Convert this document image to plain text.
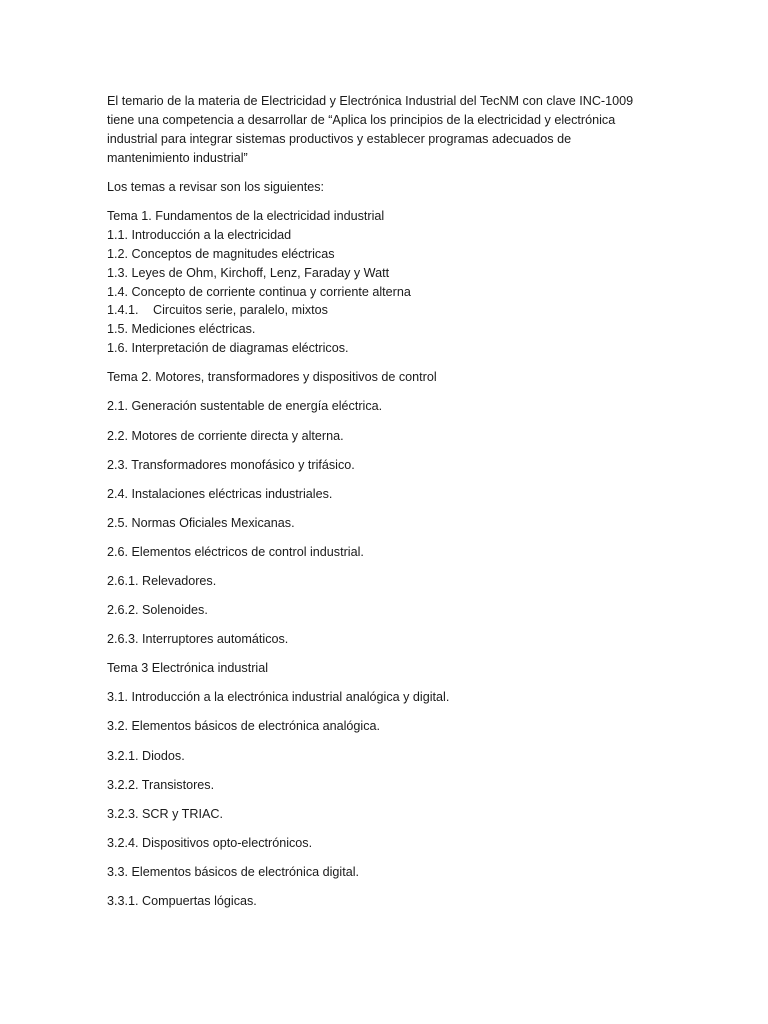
El temario de la materia de Electricidad y Electrónica Industrial del TecNM con clave INC-1009

tiene una competencia a desarrollar de “Aplica los principios de la electricidad y electrónica

industrial para integrar sistemas productivos y establecer programas adecuados de

mantenimiento industrial”

Los temas a revisar son los siguientes:

Tema 1. Fundamentos de la electricidad industrial

1.1. Introducción a la electricidad
1.2. Conceptos de magnitudes eléctricas
1.3. Leyes de Ohm, Kirchoff, Lenz, Faraday y Watt
1.4. Concepto de corriente continua y corriente alterna
1.4.1. Circuitos serie, paralelo, mixtos
1.5. Mediciones eléctricas.
1.6. Interpretación de diagramas eléctricos.

Tema 2. Motores, transformadores y dispositivos de control

2.1. Generación sustentable de energía eléctrica.

2.2. Motores de corriente directa y alterna.

2.3. Transformadores monofásico y trifásico.

2.4. Instalaciones eléctricas industriales.

2.5. Normas Oficiales Mexicanas.

2.6. Elementos eléctricos de control industrial.

2.6.1. Relevadores.

2.6.2. Solenoides.

2.6.3. Interruptores automáticos.

Tema 3 Electrónica industrial

3.1. Introducción a la electrónica industrial analógica y digital.

3.2. Elementos básicos de electrónica analógica.

3.2.1. Diodos.

3.2.2. Transistores.

3.2.3. SCR y TRIAC.

3.2.4. Dispositivos opto-electrónicos.

3.3. Elementos básicos de electrónica digital.

3.3.1. Compuertas lógicas.
